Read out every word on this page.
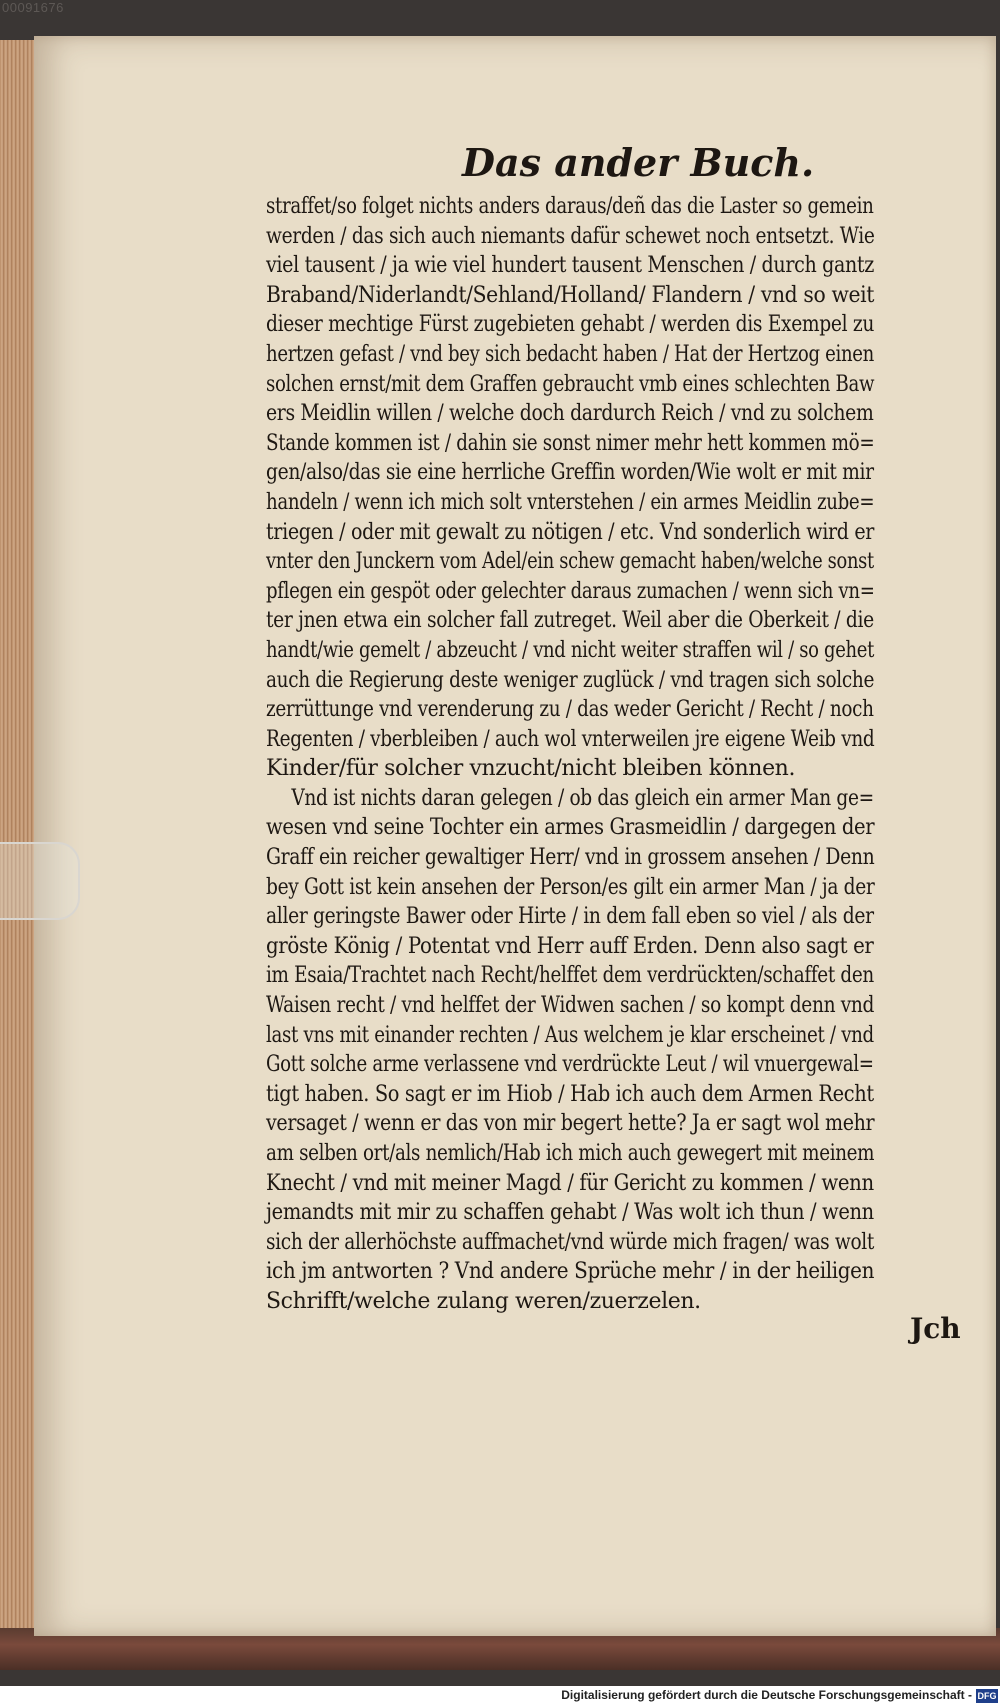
00091676
Das ander Buch.
straffet/so folget nichts anders daraus/deñ das die Laster so gemein
werden / das sich auch niemants dafür schewet noch entsetzt. Wie
viel tausent / ja wie viel hundert tausent Menschen / durch gantz
Braband/Niderlandt/Sehland/Holland/ Flandern / vnd so weit
dieser mechtige Fürst zugebieten gehabt / werden dis Exempel zu
hertzen gefast / vnd bey sich bedacht haben / Hat der Hertzog einen
solchen ernst/mit dem Graffen gebraucht vmb eines schlechten Baw
ers Meidlin willen / welche doch dardurch Reich / vnd zu solchem
Stande kommen ist / dahin sie sonst nimer mehr hett kommen mö=
gen/also/das sie eine herrliche Greffin worden/Wie wolt er mit mir
handeln / wenn ich mich solt vnterstehen / ein armes Meidlin zube=
triegen / oder mit gewalt zu nötigen / etc. Vnd sonderlich wird er
vnter den Junckern vom Adel/ein schew gemacht haben/welche sonst
pflegen ein gespöt oder gelechter daraus zumachen / wenn sich vn=
ter jnen etwa ein solcher fall zutreget. Weil aber die Oberkeit / die
handt/wie gemelt / abzeucht / vnd nicht weiter straffen wil / so gehet
auch die Regierung deste weniger zuglück / vnd tragen sich solche
zerrüttunge vnd verenderung zu / das weder Gericht / Recht / noch
Regenten / vberbleiben / auch wol vnterweilen jre eigene Weib vnd
Kinder/für solcher vnzucht/nicht bleiben können.
Vnd ist nichts daran gelegen / ob das gleich ein armer Man ge=
wesen vnd seine Tochter ein armes Grasmeidlin / dargegen der
Graff ein reicher gewaltiger Herr/ vnd in grossem ansehen / Denn
bey Gott ist kein ansehen der Person/es gilt ein armer Man / ja der
aller geringste Bawer oder Hirte / in dem fall eben so viel / als der
gröste König / Potentat vnd Herr auff Erden. Denn also sagt er
im Esaia/Trachtet nach Recht/helffet dem verdrückten/schaffet den
Waisen recht / vnd helffet der Widwen sachen / so kompt denn vnd
last vns mit einander rechten / Aus welchem je klar erscheinet / vnd
Gott solche arme verlassene vnd verdrückte Leut / wil vnuergewal=
tigt haben. So sagt er im Hiob / Hab ich auch dem Armen Recht
versaget / wenn er das von mir begert hette? Ja er sagt wol mehr
am selben ort/als nemlich/Hab ich mich auch gewegert mit meinem
Knecht / vnd mit meiner Magd / für Gericht zu kommen / wenn
jemandts mit mir zu schaffen gehabt / Was wolt ich thun / wenn
sich der allerhöchste auffmachet/vnd würde mich fragen/ was wolt
ich jm antworten ? Vnd andere Sprüche mehr / in der heiligen
Schrifft/welche zulang weren/zuerzelen.
Jch
Digitalisierung gefördert durch die Deutsche Forschungsgemeinschaft - DFG
